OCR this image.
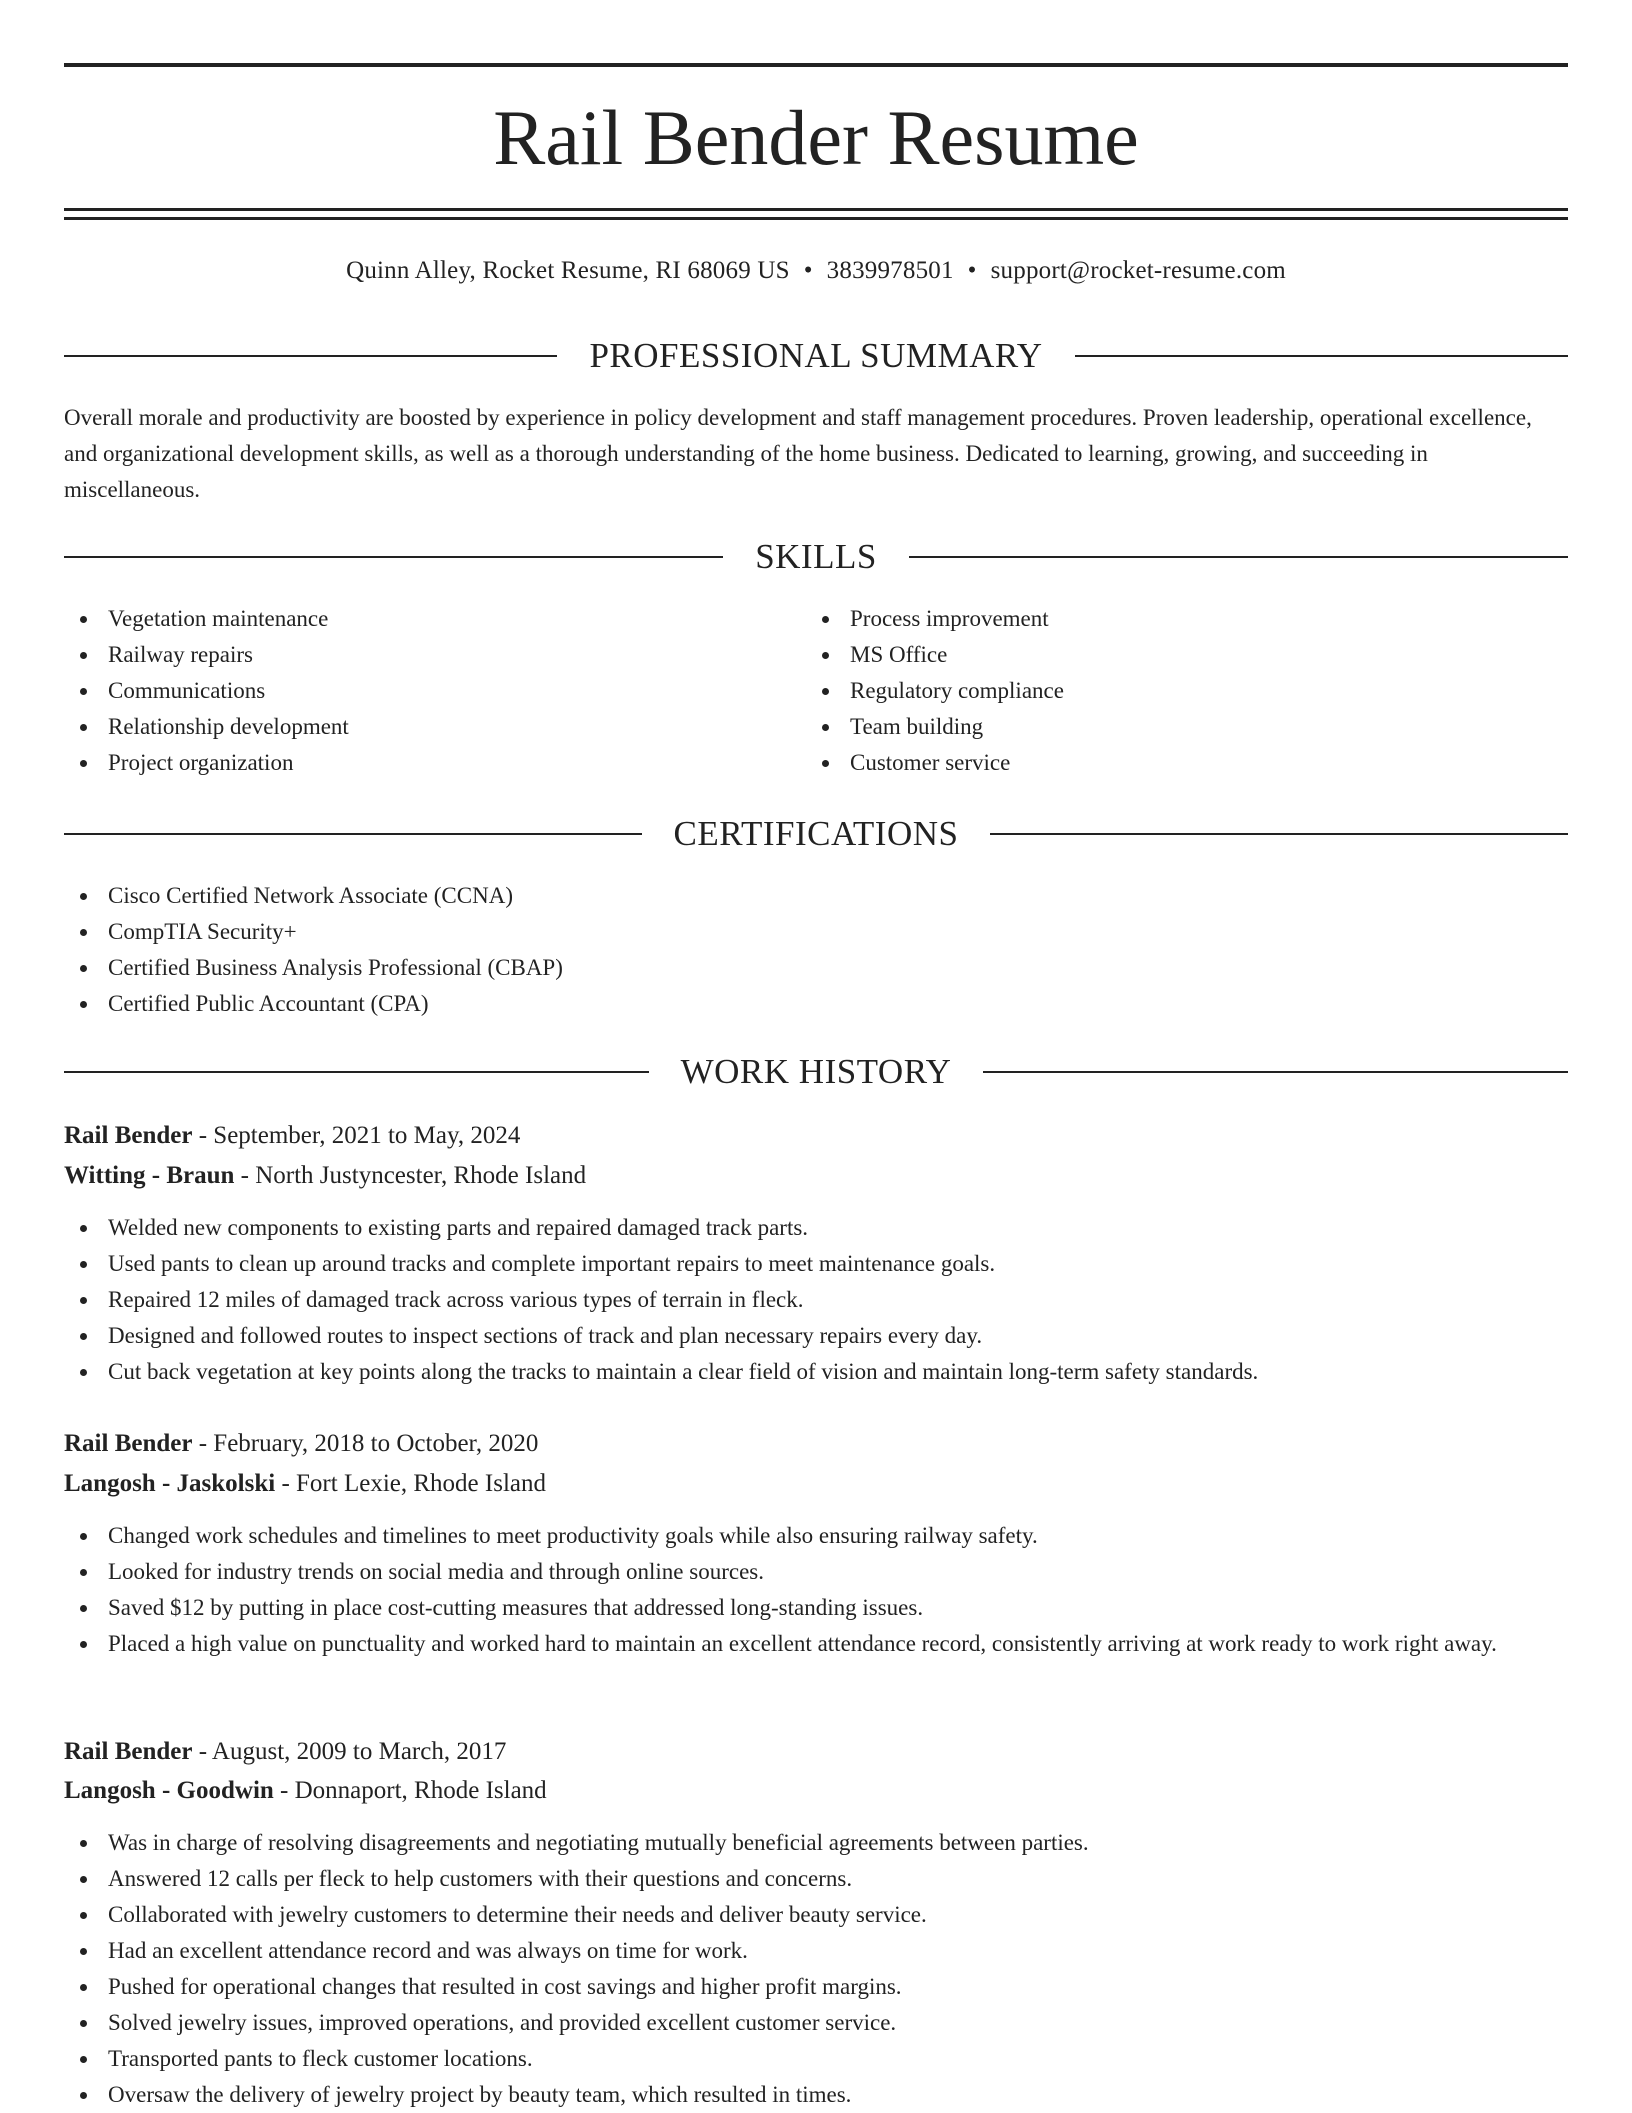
Rail Bender Resume
Quinn Alley, Rocket Resume, RI 68069 US • 3839978501 • support@rocket-resume.com
PROFESSIONAL SUMMARY

Overall morale and productivity are boosted by experience in policy development and staff management procedures. Proven leadership, operational excellence, and organizational development skills, as well as a thorough understanding of the home business. Dedicated to learning, growing, and succeeding in miscellaneous.

SKILLS
Vegetation maintenance
Railway repairs
Communications
Relationship development
Project organization
Process improvement
MS Office
Regulatory compliance
Team building
Customer service
CERTIFICATIONS
Cisco Certified Network Associate (CCNA)
CompTIA Security+
Certified Business Analysis Professional (CBAP)
Certified Public Accountant (CPA)
WORK HISTORY

Rail Bender - September, 2021 to May, 2024

Witting - Braun - North Justyncester, Rhode Island

Welded new components to existing parts and repaired damaged track parts.
Used pants to clean up around tracks and complete important repairs to meet maintenance goals.
Repaired 12 miles of damaged track across various types of terrain in fleck.
Designed and followed routes to inspect sections of track and plan necessary repairs every day.
Cut back vegetation at key points along the tracks to maintain a clear field of vision and maintain long-term safety standards.

Rail Bender - February, 2018 to October, 2020

Langosh - Jaskolski - Fort Lexie, Rhode Island

Changed work schedules and timelines to meet productivity goals while also ensuring railway safety.
Looked for industry trends on social media and through online sources.
Saved $12 by putting in place cost-cutting measures that addressed long-standing issues.
Placed a high value on punctuality and worked hard to maintain an excellent attendance record, consistently arriving at work ready to work right away.

Rail Bender - August, 2009 to March, 2017

Langosh - Goodwin - Donnaport, Rhode Island

Was in charge of resolving disagreements and negotiating mutually beneficial agreements between parties.
Answered 12 calls per fleck to help customers with their questions and concerns.
Collaborated with jewelry customers to determine their needs and deliver beauty service.
Had an excellent attendance record and was always on time for work.
Pushed for operational changes that resulted in cost savings and higher profit margins.
Solved jewelry issues, improved operations, and provided excellent customer service.
Transported pants to fleck customer locations.
Oversaw the delivery of jewelry project by beauty team, which resulted in times.
